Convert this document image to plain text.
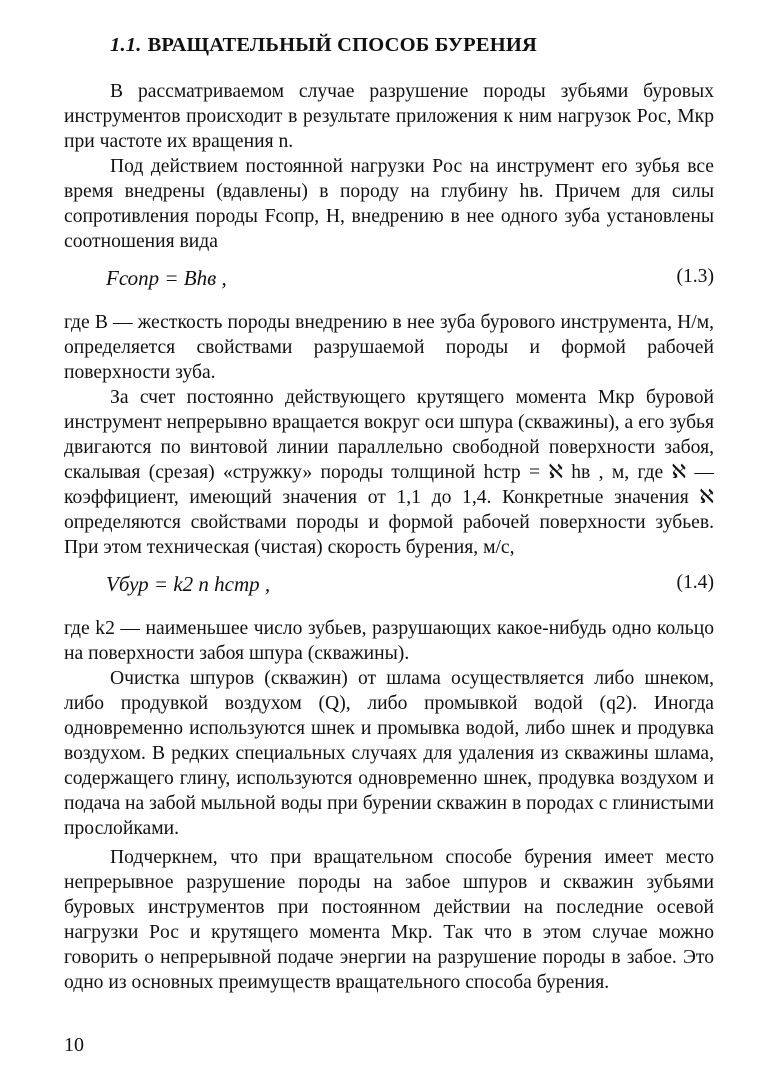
1.1. ВРАЩАТЕЛЬНЫЙ СПОСОБ БУРЕНИЯ

В рассматриваемом случае разрушение породы зубьями буровых инструментов происходит в результате приложения к ним нагрузок Pос, Mкр при частоте их вращения n.

Под действием постоянной нагрузки Pос на инструмент его зубья все время внедрены (вдавлены) в породу на глубину hв. Причем для силы сопротивления породы Fсопр, Н, внедрению в нее одного зуба установлены соотношения вида

Fсопр = Bhв ,	(1.3)

где B — жесткость породы внедрению в нее зуба бурового инструмента, Н/м, определяется свойствами разрушаемой породы и формой рабочей поверхности зуба.

За счет постоянно действующего крутящего момента Mкр буровой инструмент непрерывно вращается вокруг оси шпура (скважины), а его зубья двигаются по винтовой линии параллельно свободной поверхности забоя, скалывая (срезая) «стружку» породы толщиной hстр = ℵ hв , м, где ℵ — коэффициент, имеющий значения от 1,1 до 1,4. Конкретные значения ℵ определяются свойствами породы и формой рабочей поверхности зубьев. При этом техническая (чистая) скорость бурения, м/с,

Vбур = k2 n hстр ,	(1.4)

где k2 — наименьшее число зубьев, разрушающих какое-нибудь одно кольцо на поверхности забоя шпура (скважины).

Очистка шпуров (скважин) от шлама осуществляется либо шнеком, либо продувкой воздухом (Q), либо промывкой водой (q2). Иногда одновременно используются шнек и промывка водой, либо шнек и продувка воздухом. В редких специальных случаях для удаления из скважины шлама, содержащего глину, используются одновременно шнек, продувка воздухом и подача на забой мыльной воды при бурении скважин в породах с глинистыми прослойками.

Подчеркнем, что при вращательном способе бурения имеет место непрерывное разрушение породы на забое шпуров и скважин зубьями буровых инструментов при постоянном действии на последние осевой нагрузки Pос и крутящего момента Mкр. Так что в этом случае можно говорить о непрерывной подаче энергии на разрушение породы в забое. Это одно из основных преимуществ вращательного способа бурения.

10
